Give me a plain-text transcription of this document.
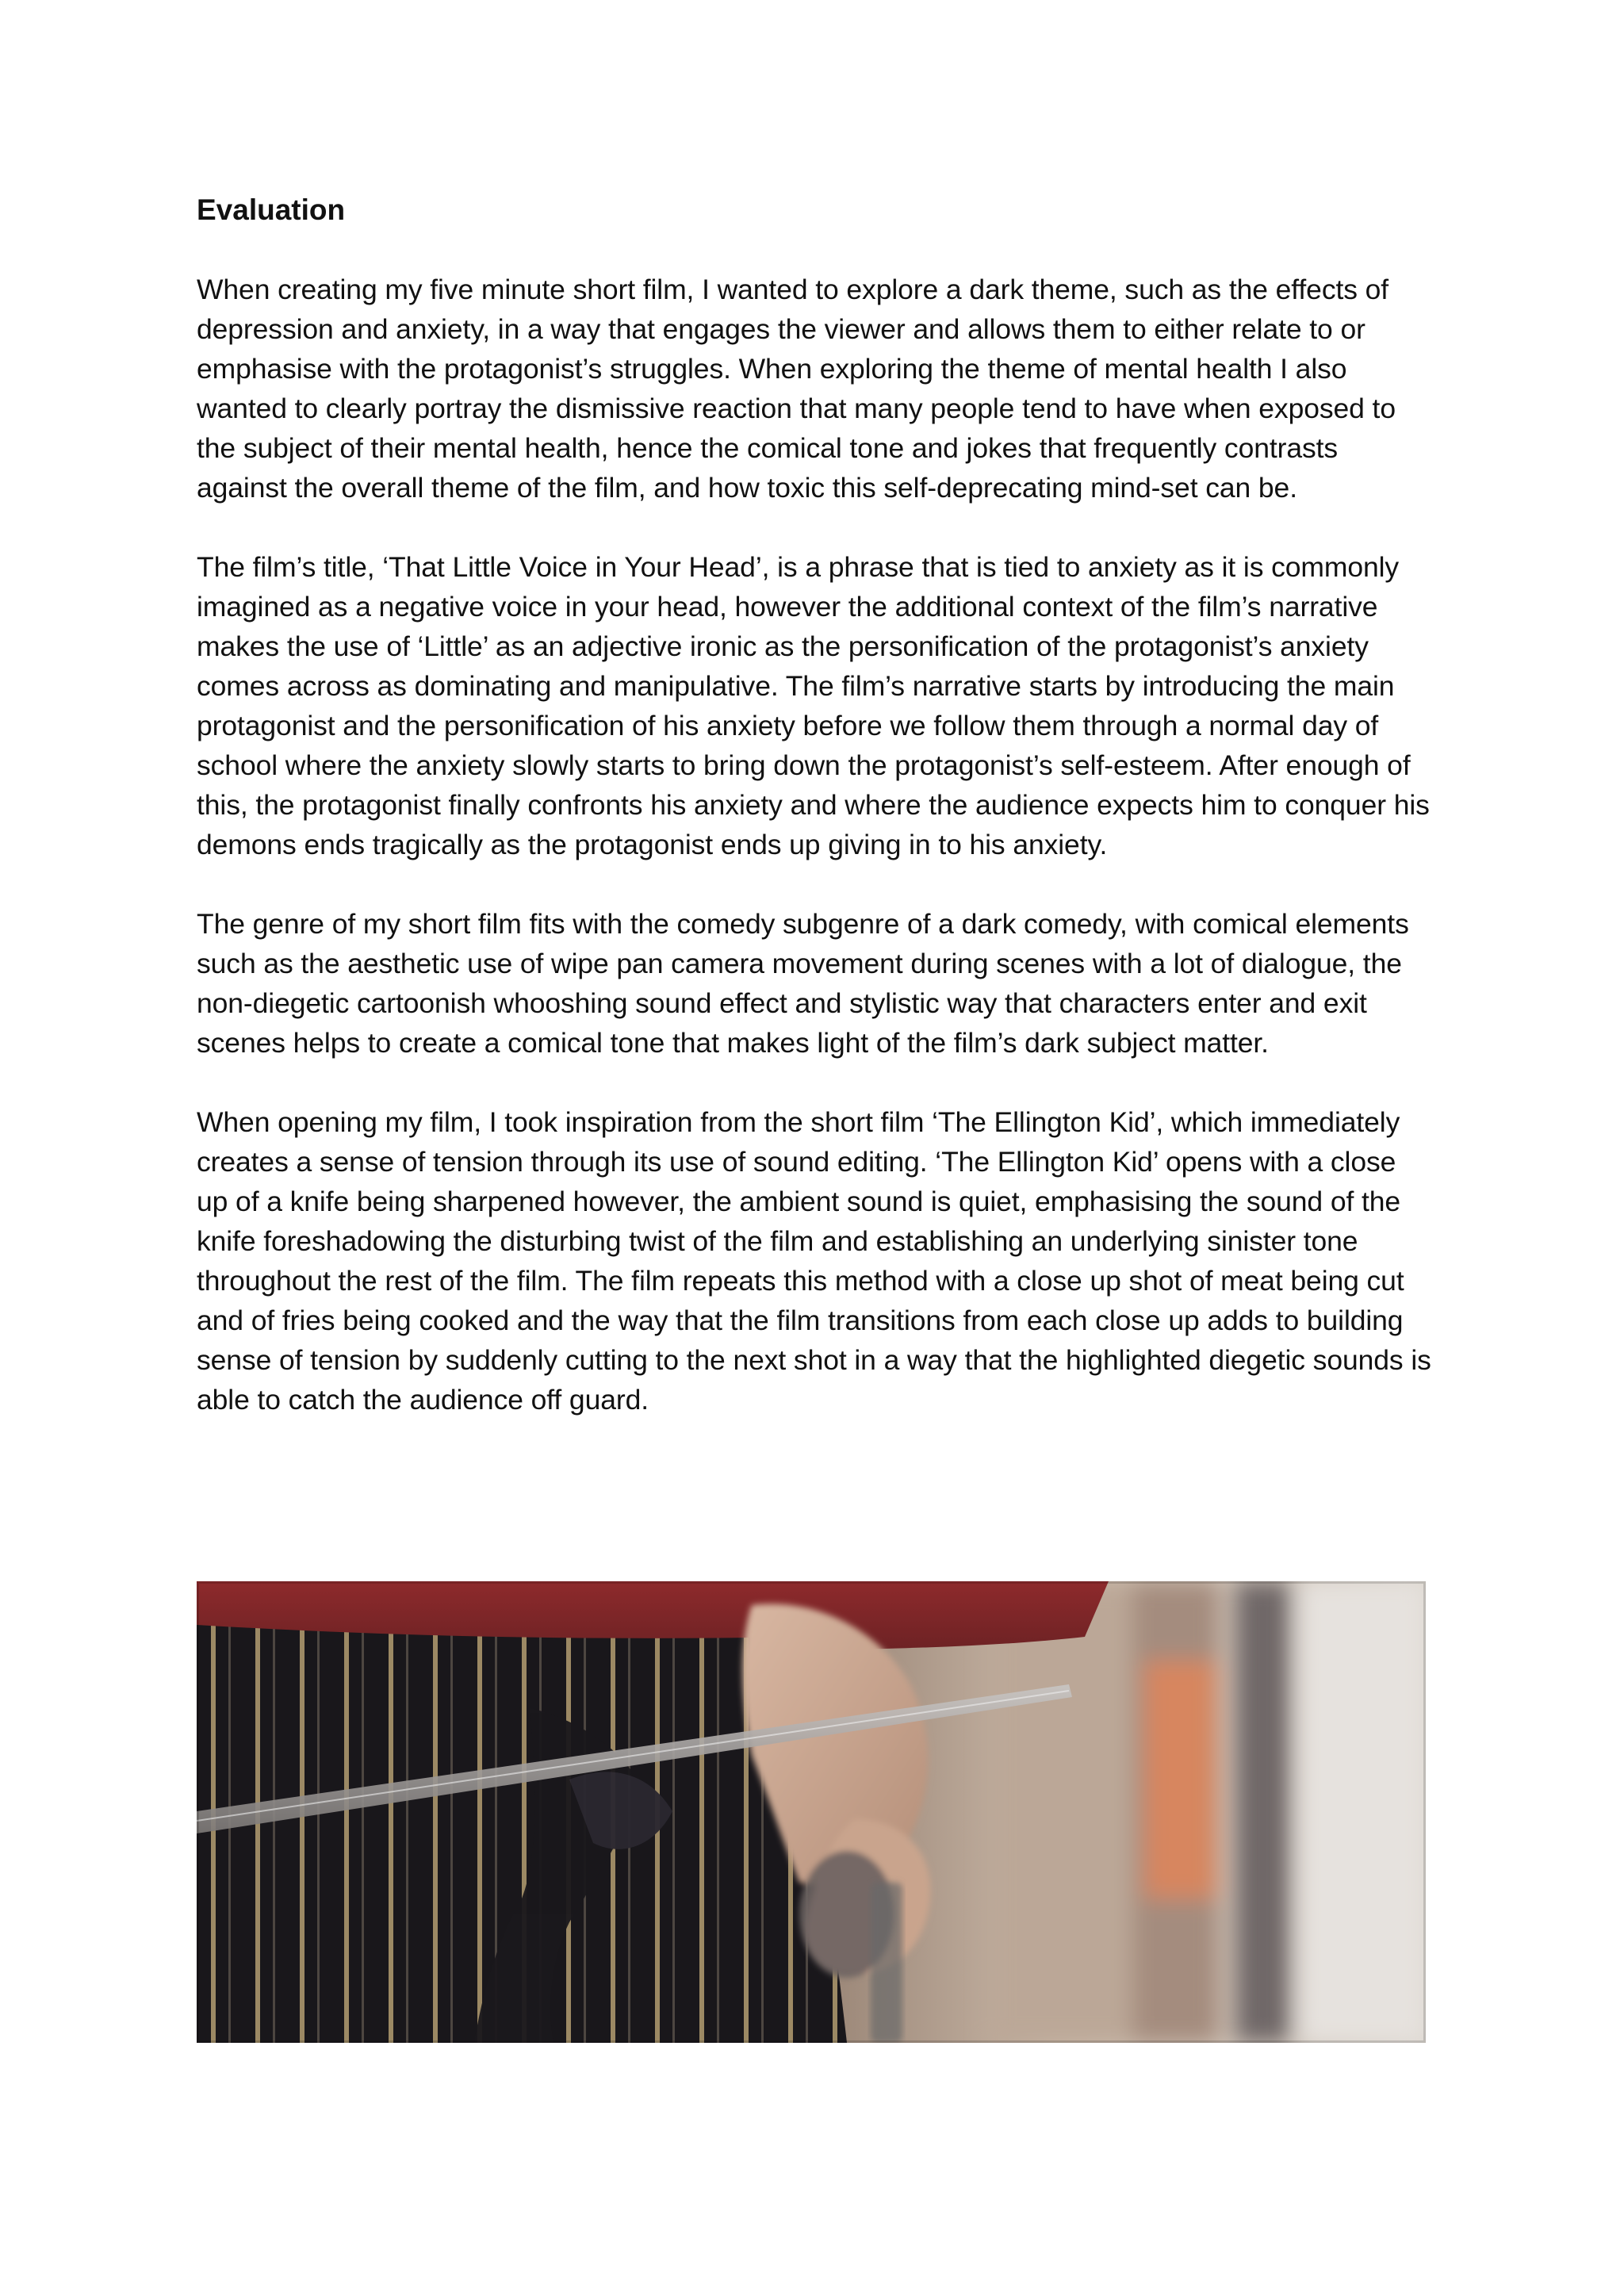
Evaluation

When creating my five minute short film, I wanted to explore a dark theme, such as the effects of depression and anxiety, in a way that engages the viewer and allows them to either relate to or emphasise with the protagonist’s struggles. When exploring the theme of mental health I also wanted to clearly portray the dismissive reaction that many people tend to have when exposed to the subject of their mental health, hence the comical tone and jokes that frequently contrasts against the overall theme of the film, and how toxic this self-deprecating mind-set can be.

The film’s title, ‘That Little Voice in Your Head’, is a phrase that is tied to anxiety as it is commonly imagined as a negative voice in your head, however the additional context of the film’s narrative makes the use of ‘Little’ as an adjective ironic as the personification of the protagonist’s anxiety comes across as dominating and manipulative. The film’s narrative starts by introducing the main protagonist and the personification of his anxiety before we follow them through a normal day of school where the anxiety slowly starts to bring down the protagonist’s self-esteem. After enough of this, the protagonist finally confronts his anxiety and where the audience expects him to conquer his demons ends tragically as the protagonist ends up giving in to his anxiety.

The genre of my short film fits with the comedy subgenre of a dark comedy, with comical elements such as the aesthetic use of wipe pan camera movement during scenes with a lot of dialogue, the non-diegetic cartoonish whooshing sound effect and stylistic way that characters enter and exit scenes helps to create a comical tone that makes light of the film’s dark subject matter.

When opening my film, I took inspiration from the short film ‘The Ellington Kid’, which immediately creates a sense of tension through its use of sound editing. ‘The Ellington Kid’ opens with a close up of a knife being sharpened however, the ambient sound is quiet, emphasising the sound of the knife foreshadowing the disturbing twist of the film and establishing an underlying sinister tone throughout the rest of the film. The film repeats this method with a close up shot of meat being cut and of fries being cooked and the way that the film transitions from each close up adds to building sense of tension by suddenly cutting to the next shot in a way that the highlighted diegetic sounds is able to catch the audience off guard.
